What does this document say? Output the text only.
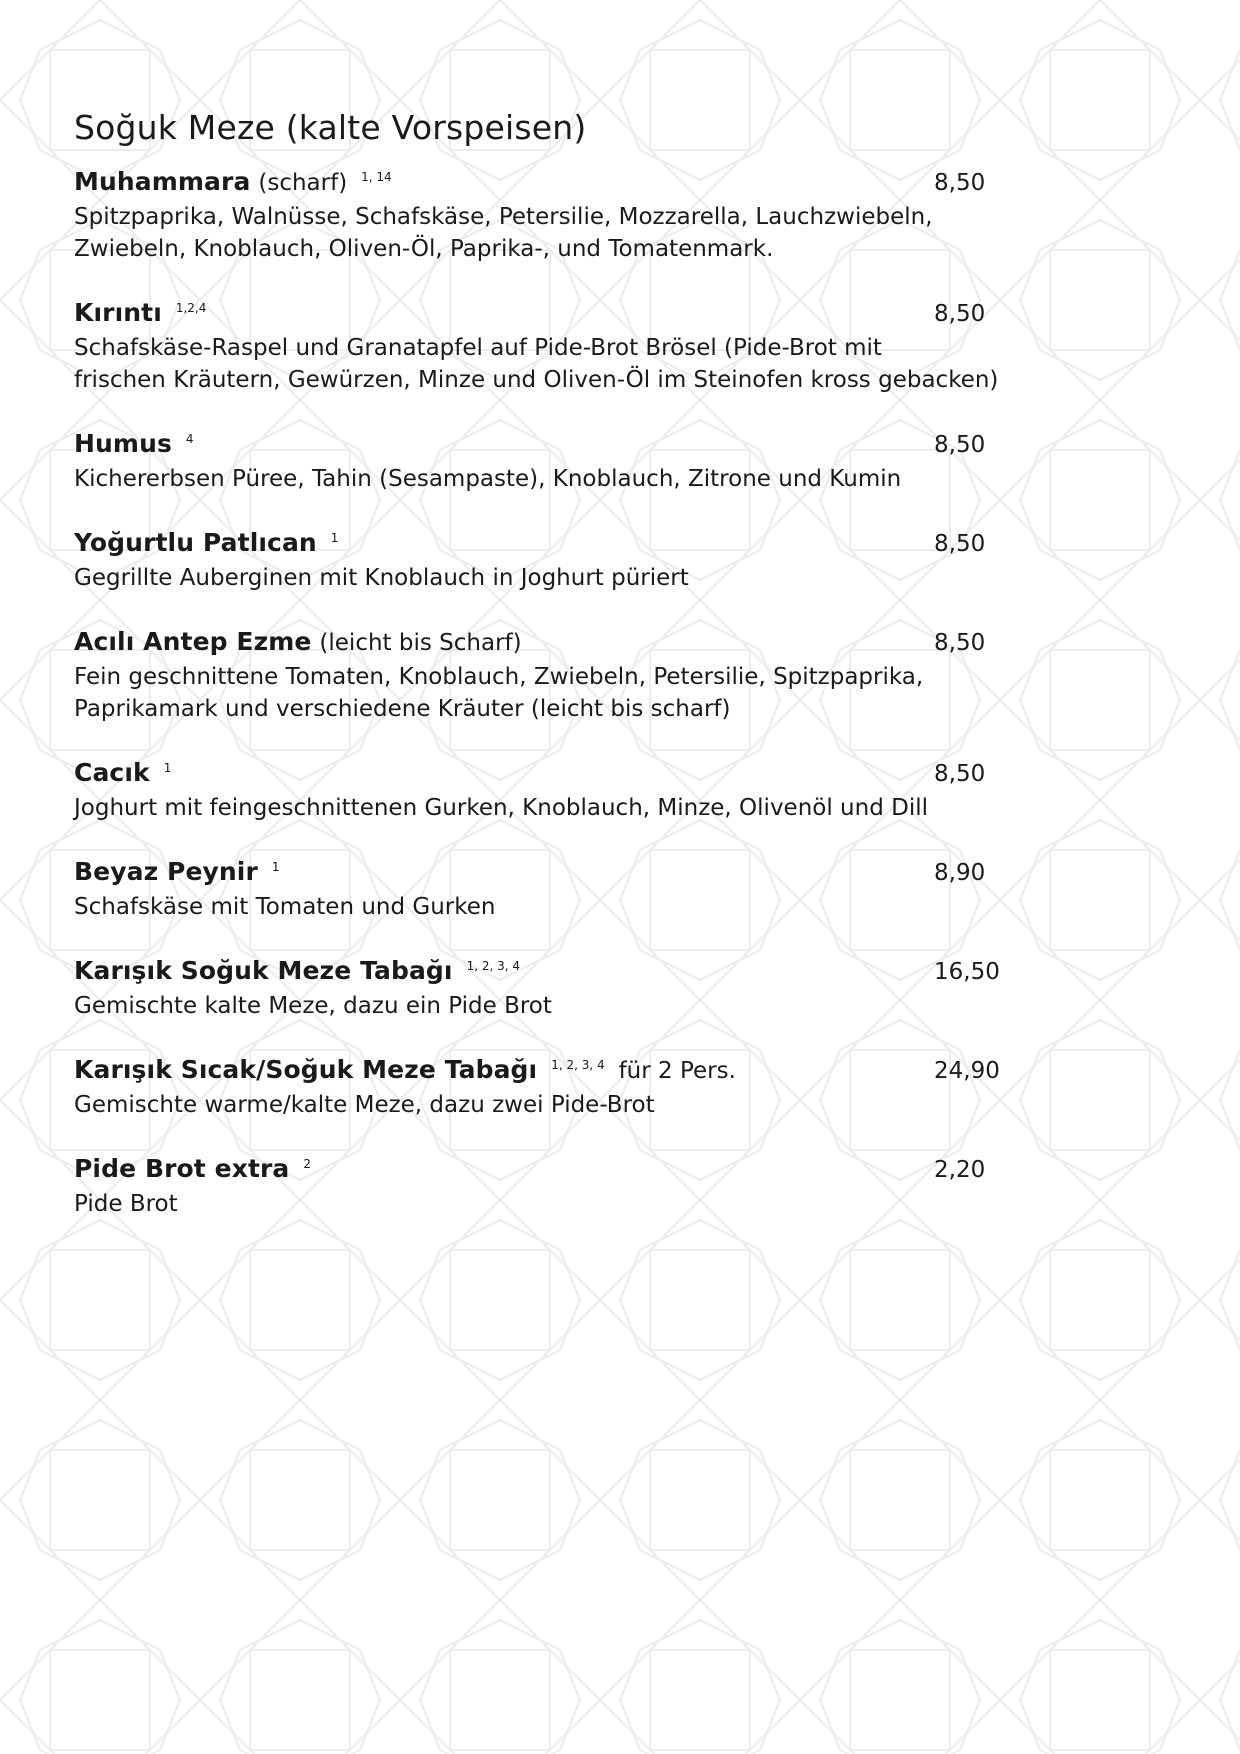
Soğuk Meze (kalte Vorspeisen)
Muhammara (scharf) $^{1, 14}$	8,50
Spitzpaprika, Walnüsse, Schafskäse, Petersilie, Mozzarella, Lauchzwiebeln,
Zwiebeln, Knoblauch, Oliven-Öl, Paprika-, und Tomatenmark.
Kırıntı $^{1,2,4}$	8,50
Schafskäse-Raspel und Granatapfel auf Pide-Brot Brösel (Pide-Brot mit
frischen Kräutern, Gewürzen, Minze und Oliven-Öl im Steinofen kross gebacken)
Humus $^4$	8,50
Kichererbsen Püree, Tahin (Sesampaste), Knoblauch, Zitrone und Kumin
Yoğurtlu Patlıcan $^1$	8,50
Gegrillte Auberginen mit Knoblauch in Joghurt püriert
Acılı Antep Ezme (leicht bis Scharf)	8,50
Fein geschnittene Tomaten, Knoblauch, Zwiebeln, Petersilie, Spitzpaprika,
Paprikamark und verschiedene Kräuter (leicht bis scharf)
Cacık $^1$	8,50
Joghurt mit feingeschnittenen Gurken, Knoblauch, Minze, Olivenöl und Dill
Beyaz Peynir $^1$	8,90
Schafskäse mit Tomaten und Gurken
Karışık Soğuk Meze Tabağı $^{1, 2, 3, 4}$	16,50
Gemischte kalte Meze, dazu ein Pide Brot
Karışık Sıcak/Soğuk Meze Tabağı $^{1, 2, 3, 4}$ für 2 Pers.	24,90
Gemischte warme/kalte Meze, dazu zwei Pide-Brot
Pide Brot extra $^2$	2,20
Pide Brot
